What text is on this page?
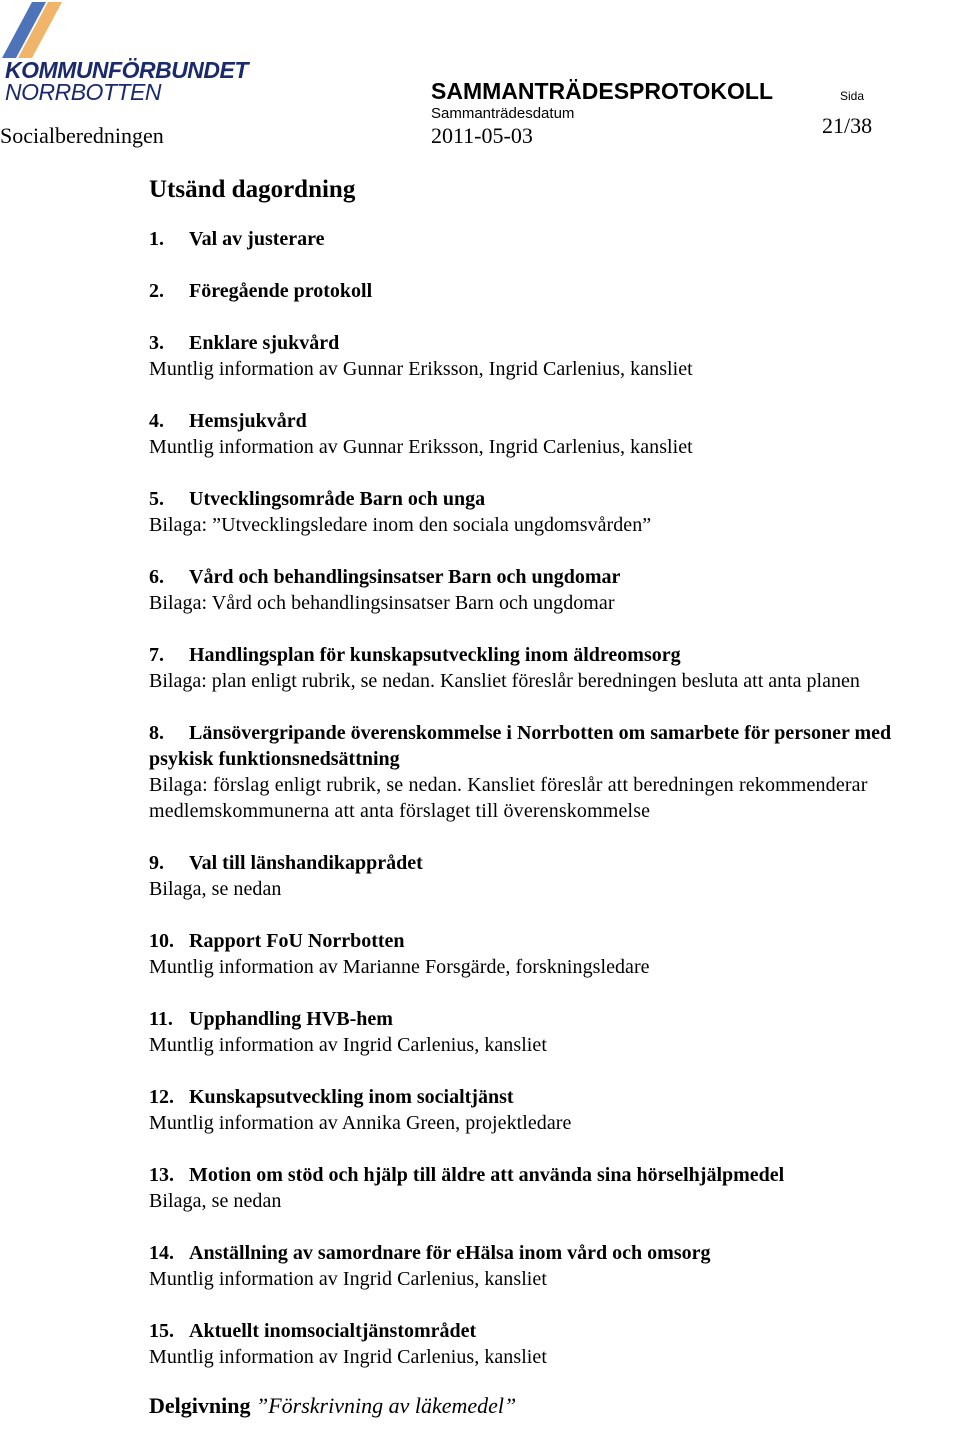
KOMMUNFÖRBUNDET
NORRBOTTEN	SAMMANTRÄDESPROTOKOLL
Sammanträdesdatum
2011-05-03
Socialberedningen
Sida
21/38
Utsänd dagordning
1.	Val av justerare
2.	Föregående protokoll
3.	Enklare sjukvård
Muntlig information av Gunnar Eriksson, Ingrid Carlenius, kansliet
4.	Hemsjukvård
Muntlig information av Gunnar Eriksson, Ingrid Carlenius, kansliet
5.	Utvecklingsområde Barn och unga
Bilaga: ”Utvecklingsledare inom den sociala ungdomsvården”
6.	Vård och behandlingsinsatser Barn och ungdomar
Bilaga: Vård och behandlingsinsatser Barn och ungdomar
7.	Handlingsplan för kunskapsutveckling inom äldreomsorg
Bilaga: plan enligt rubrik, se nedan. Kansliet föreslår beredningen besluta att anta planen
8. Länsövergripande överenskommelse i Norrbotten om samarbete för personer med psykisk funktionsnedsättning
Bilaga: förslag enligt rubrik, se nedan. Kansliet föreslår att beredningen rekommenderar medlemskommunerna att anta förslaget till överenskommelse
9.	Val till länshandikapprådet
Bilaga, se nedan
10. Rapport FoU Norrbotten
Muntlig information av Marianne Forsgärde, forskningsledare
11. Upphandling HVB-hem
Muntlig information av Ingrid Carlenius, kansliet
12. Kunskapsutveckling inom socialtjänst
Muntlig information av Annika Green, projektledare
13. Motion om stöd och hjälp till äldre att använda sina hörselhjälpmedel
Bilaga, se nedan
14. Anställning av samordnare för eHälsa inom vård och omsorg
Muntlig information av Ingrid Carlenius, kansliet
15. Aktuellt inomsocialtjänstområdet
Muntlig information av Ingrid Carlenius, kansliet
Delgivning ”Förskrivning av läkemedel”
